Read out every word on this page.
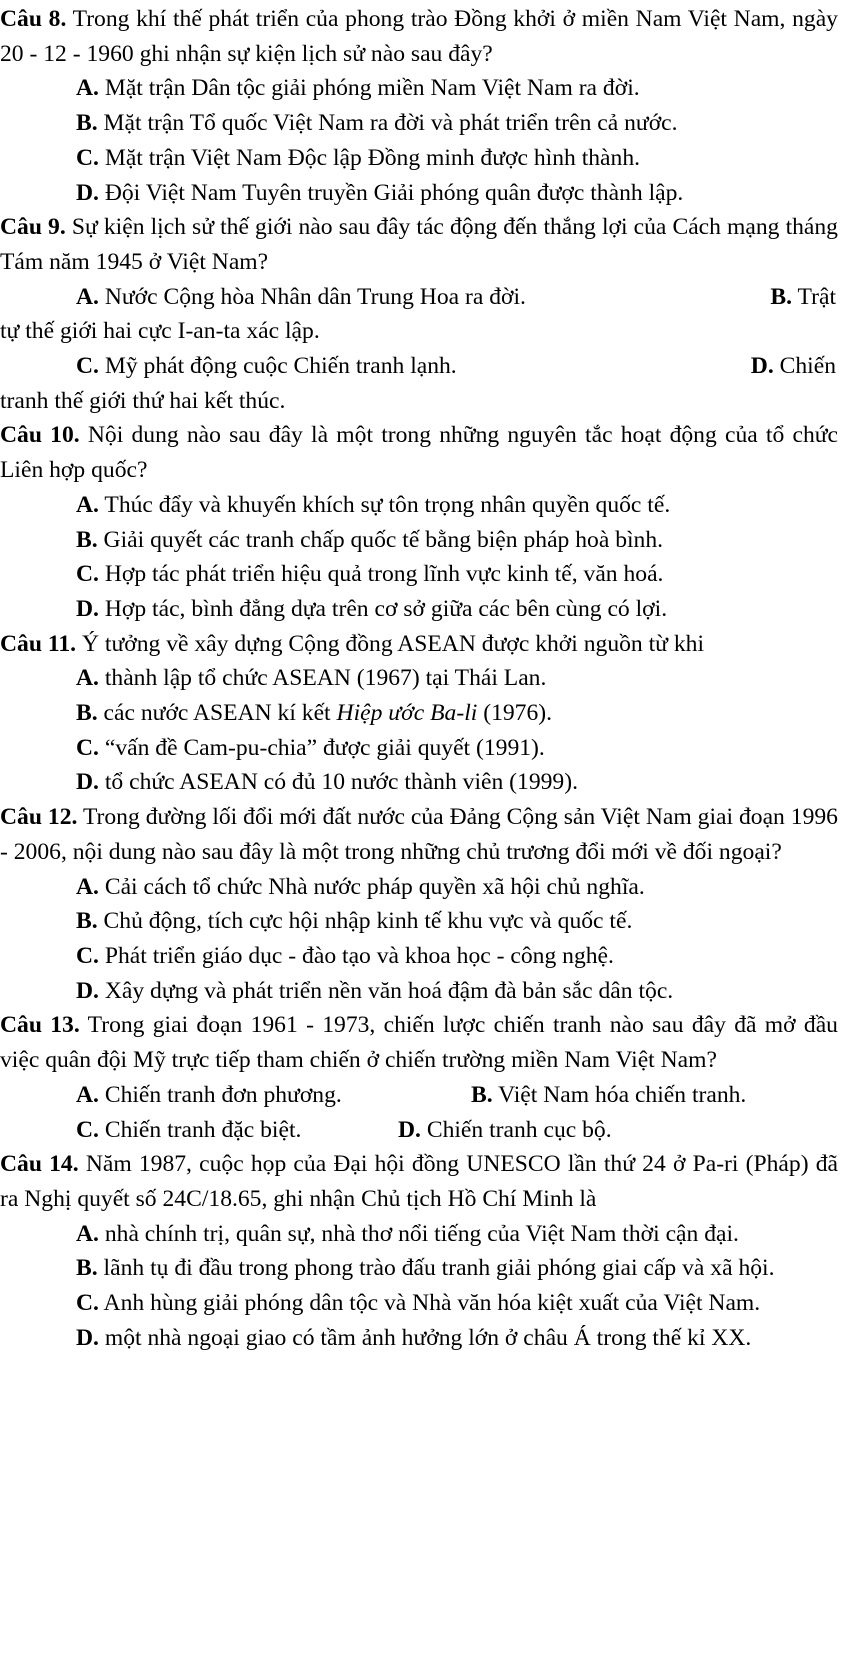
Câu 8. Trong khí thế phát triển của phong trào Đồng khởi ở miền Nam Việt Nam, ngày 20 - 12 - 1960 ghi nhận sự kiện lịch sử nào sau đây?

A. Mặt trận Dân tộc giải phóng miền Nam Việt Nam ra đời.

B. Mặt trận Tổ quốc Việt Nam ra đời và phát triển trên cả nước.

C. Mặt trận Việt Nam Độc lập Đồng minh được hình thành.

D. Đội Việt Nam Tuyên truyền Giải phóng quân được thành lập.

Câu 9. Sự kiện lịch sử thế giới nào sau đây tác động đến thắng lợi của Cách mạng tháng Tám năm 1945 ở Việt Nam?

A. Nước Cộng hòa Nhân dân Trung Hoa ra đời.	B. Trật

tự thế giới hai cực I-an-ta xác lập.

C. Mỹ phát động cuộc Chiến tranh lạnh.	D. Chiến

tranh thế giới thứ hai kết thúc.

Câu 10. Nội dung nào sau đây là một trong những nguyên tắc hoạt động của tổ chức Liên hợp quốc?

A. Thúc đẩy và khuyến khích sự tôn trọng nhân quyền quốc tế.

B. Giải quyết các tranh chấp quốc tế bằng biện pháp hoà bình.

C. Hợp tác phát triển hiệu quả trong lĩnh vực kinh tế, văn hoá.

D. Hợp tác, bình đẳng dựa trên cơ sở giữa các bên cùng có lợi.

Câu 11. Ý tưởng về xây dựng Cộng đồng ASEAN được khởi nguồn từ khi

A. thành lập tổ chức ASEAN (1967) tại Thái Lan.

B. các nước ASEAN kí kết Hiệp ước Ba-li (1976).

C. “vấn đề Cam-pu-chia” được giải quyết (1991).

D. tổ chức ASEAN có đủ 10 nước thành viên (1999).

Câu 12. Trong đường lối đổi mới đất nước của Đảng Cộng sản Việt Nam giai đoạn 1996 - 2006, nội dung nào sau đây là một trong những chủ trương đổi mới về đối ngoại?

A. Cải cách tổ chức Nhà nước pháp quyền xã hội chủ nghĩa.

B. Chủ động, tích cực hội nhập kinh tế khu vực và quốc tế.

C. Phát triển giáo dục - đào tạo và khoa học - công nghệ.

D. Xây dựng và phát triển nền văn hoá đậm đà bản sắc dân tộc.

Câu 13. Trong giai đoạn 1961 - 1973, chiến lược chiến tranh nào sau đây đã mở đầu việc quân đội Mỹ trực tiếp tham chiến ở chiến trường miền Nam Việt Nam?

A. Chiến tranh đơn phương.	B. Việt Nam hóa chiến tranh.
C. Chiến tranh đặc biệt.	D. Chiến tranh cục bộ.

Câu 14. Năm 1987, cuộc họp của Đại hội đồng UNESCO lần thứ 24 ở Pa-ri (Pháp) đã ra Nghị quyết số 24C/18.65, ghi nhận Chủ tịch Hồ Chí Minh là

A. nhà chính trị, quân sự, nhà thơ nổi tiếng của Việt Nam thời cận đại.

B. lãnh tụ đi đầu trong phong trào đấu tranh giải phóng giai cấp và xã hội.

C. Anh hùng giải phóng dân tộc và Nhà văn hóa kiệt xuất của Việt Nam.

D. một nhà ngoại giao có tầm ảnh hưởng lớn ở châu Á trong thế kỉ XX.
